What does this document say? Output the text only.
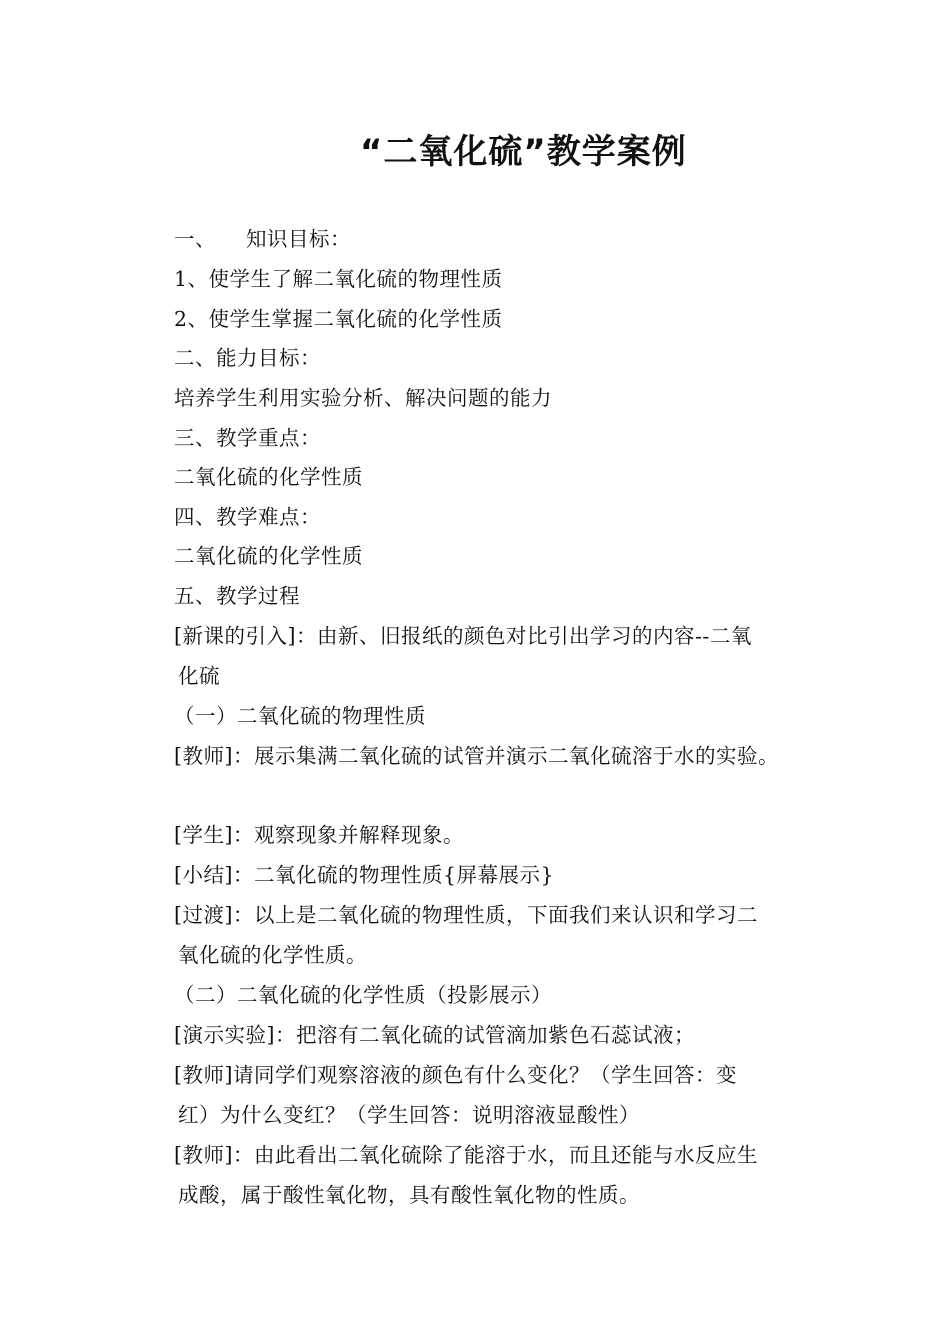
“二氧化硫”教学案例
一、 知识目标：
1、使学生了解二氧化硫的物理性质
2、使学生掌握二氧化硫的化学性质
二、能力目标：
培养学生利用实验分析、解决问题的能力
三、教学重点：
二氧化硫的化学性质
四、教学难点：
二氧化硫的化学性质
五、教学过程
[新课的引入]：由新、旧报纸的颜色对比引出学习的内容--二氧
化硫
（一）二氧化硫的物理性质
[教师]：展示集满二氧化硫的试管并演示二氧化硫溶于水的实验。
[学生]：观察现象并解释现象。
[小结]：二氧化硫的物理性质{屏幕展示}
[过渡]：以上是二氧化硫的物理性质，下面我们来认识和学习二
氧化硫的化学性质。
（二）二氧化硫的化学性质（投影展示）
[演示实验]：把溶有二氧化硫的试管滴加紫色石蕊试液；
[教师]请同学们观察溶液的颜色有什么变化？（学生回答：变
红）为什么变红？（学生回答：说明溶液显酸性）
[教师]：由此看出二氧化硫除了能溶于水，而且还能与水反应生
成酸，属于酸性氧化物，具有酸性氧化物的性质。
